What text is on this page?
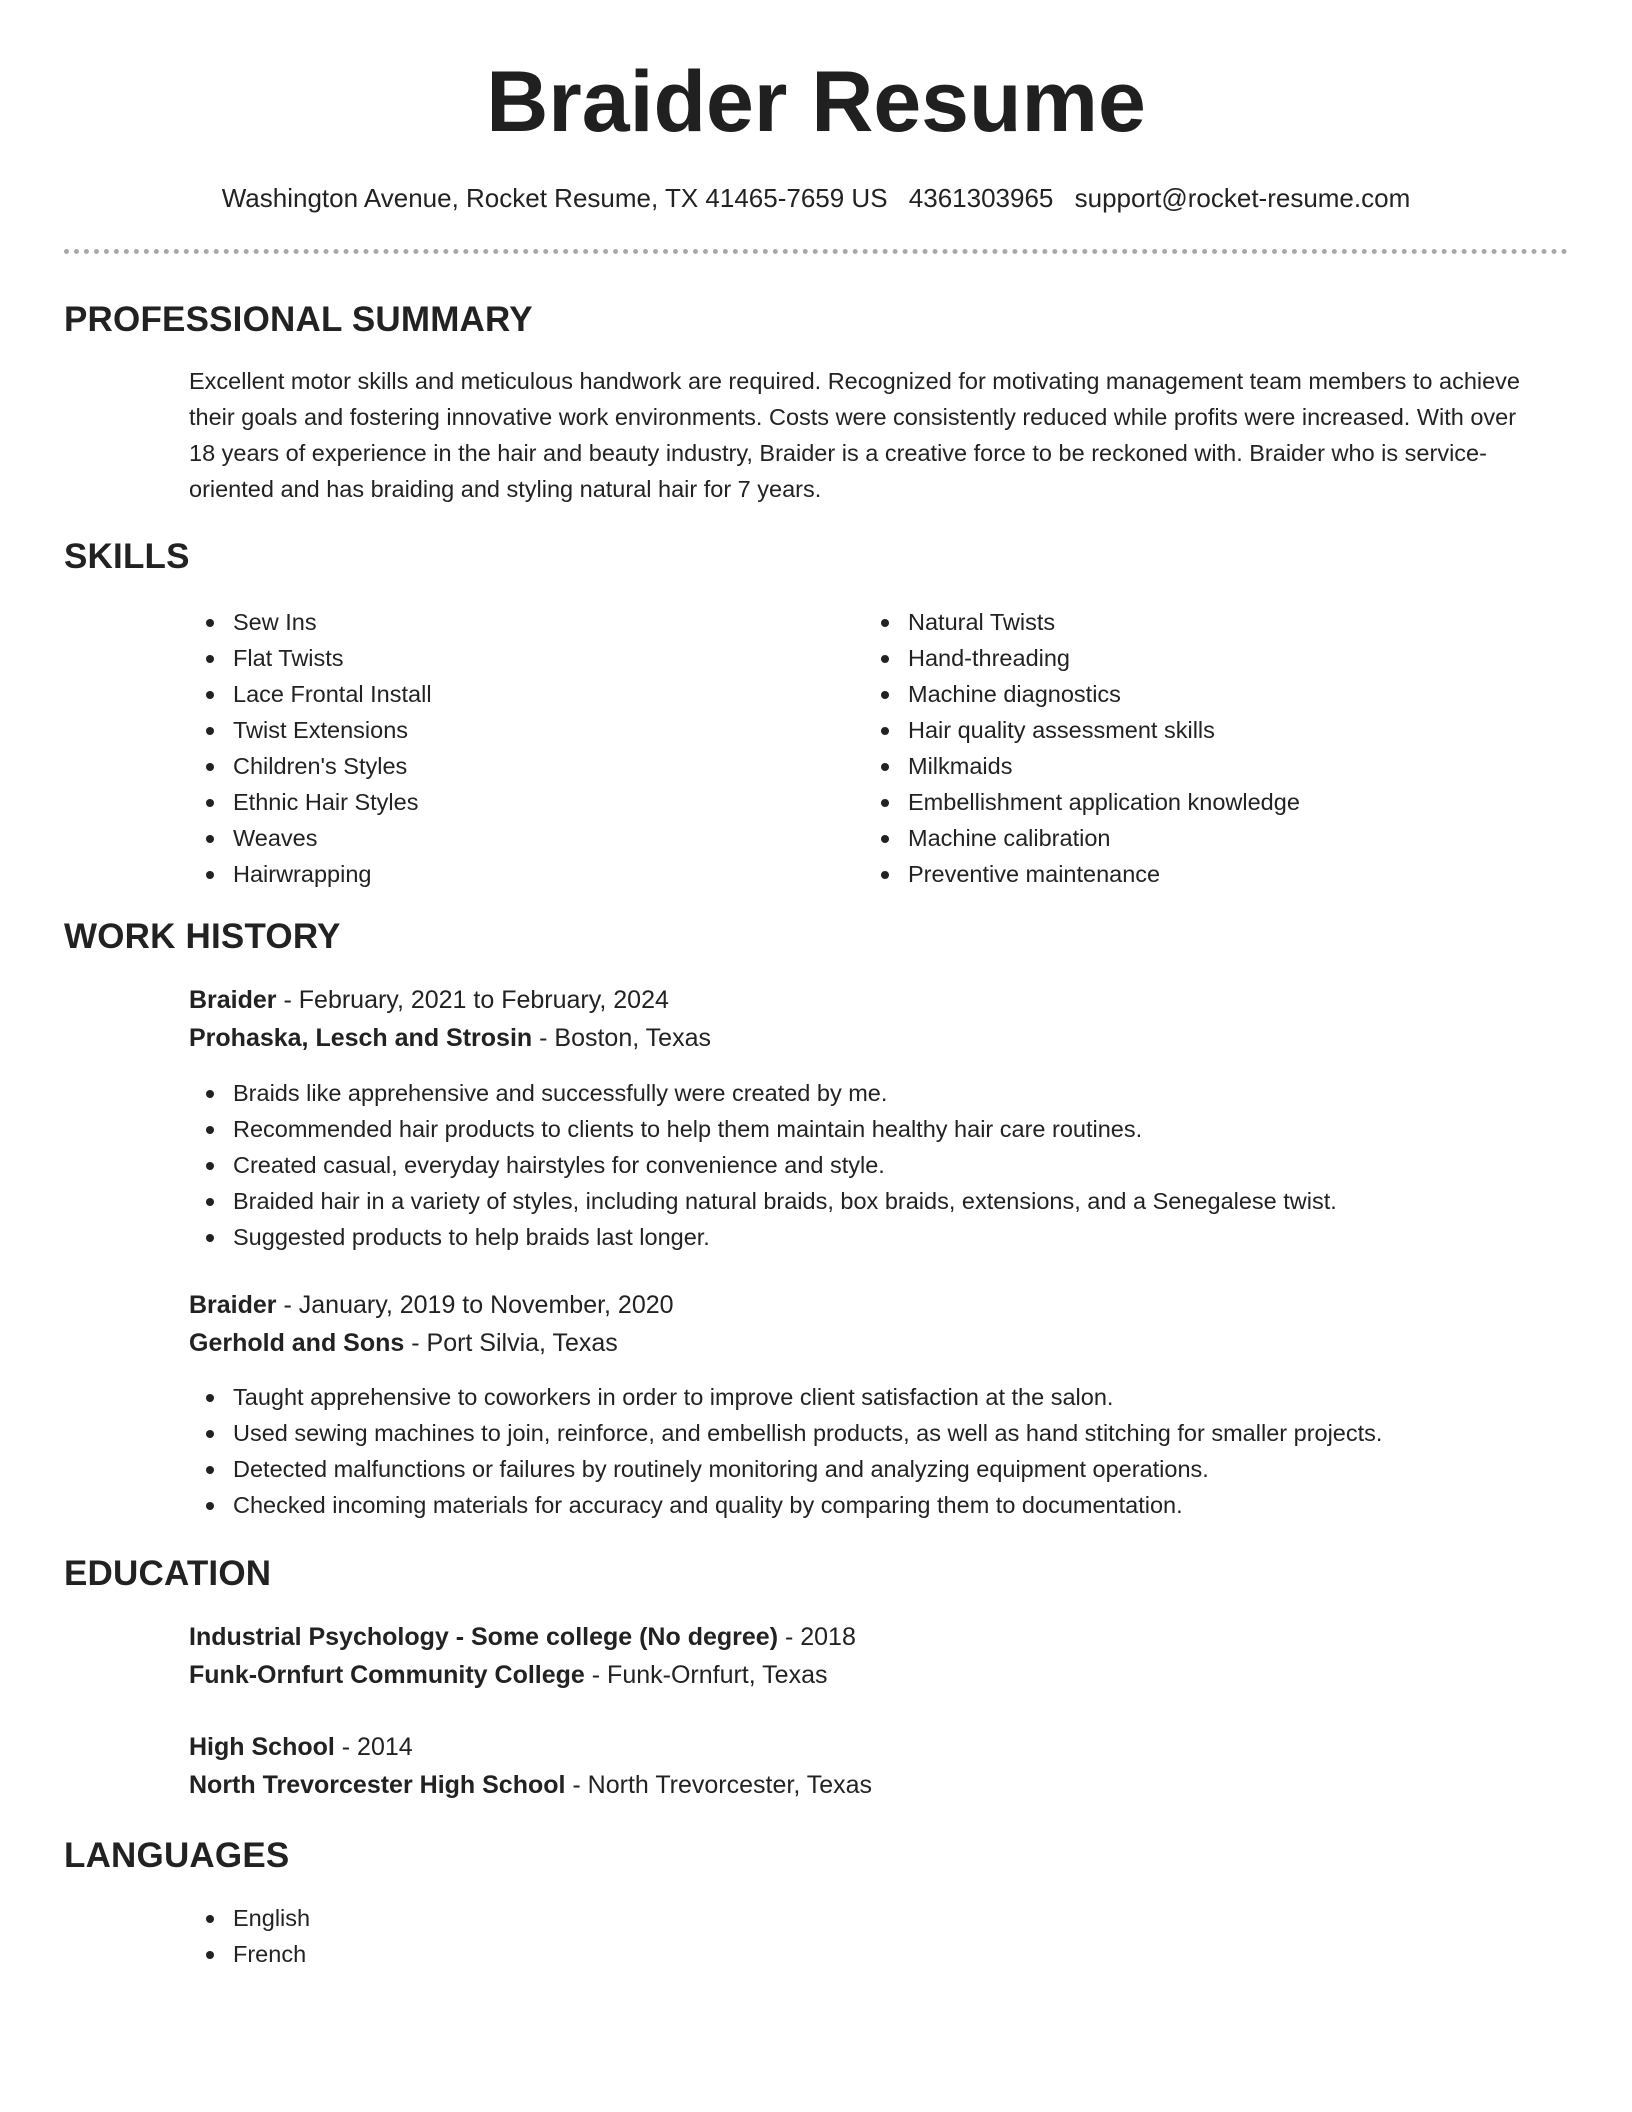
Braider Resume
Washington Avenue, Rocket Resume, TX 41465-7659 US 4361303965 support@rocket-resume.com
PROFESSIONAL SUMMARY
Excellent motor skills and meticulous handwork are required. Recognized for motivating management team members to achieve their goals and fostering innovative work environments. Costs were consistently reduced while profits were increased. With over 18 years of experience in the hair and beauty industry, Braider is a creative force to be reckoned with. Braider who is service-oriented and has braiding and styling natural hair for 7 years.
SKILLS
Sew Ins
Flat Twists
Lace Frontal Install
Twist Extensions
Children's Styles
Ethnic Hair Styles
Weaves
Hairwrapping
Natural Twists
Hand-threading
Machine diagnostics
Hair quality assessment skills
Milkmaids
Embellishment application knowledge
Machine calibration
Preventive maintenance
WORK HISTORY
Braider - February, 2021 to February, 2024
Prohaska, Lesch and Strosin - Boston, Texas
Braids like apprehensive and successfully were created by me.
Recommended hair products to clients to help them maintain healthy hair care routines.
Created casual, everyday hairstyles for convenience and style.
Braided hair in a variety of styles, including natural braids, box braids, extensions, and a Senegalese twist.
Suggested products to help braids last longer.
Braider - January, 2019 to November, 2020
Gerhold and Sons - Port Silvia, Texas
Taught apprehensive to coworkers in order to improve client satisfaction at the salon.
Used sewing machines to join, reinforce, and embellish products, as well as hand stitching for smaller projects.
Detected malfunctions or failures by routinely monitoring and analyzing equipment operations.
Checked incoming materials for accuracy and quality by comparing them to documentation.
EDUCATION
Industrial Psychology - Some college (No degree) - 2018
Funk-Ornfurt Community College - Funk-Ornfurt, Texas
High School - 2014
North Trevorcester High School - North Trevorcester, Texas
LANGUAGES
English
French
